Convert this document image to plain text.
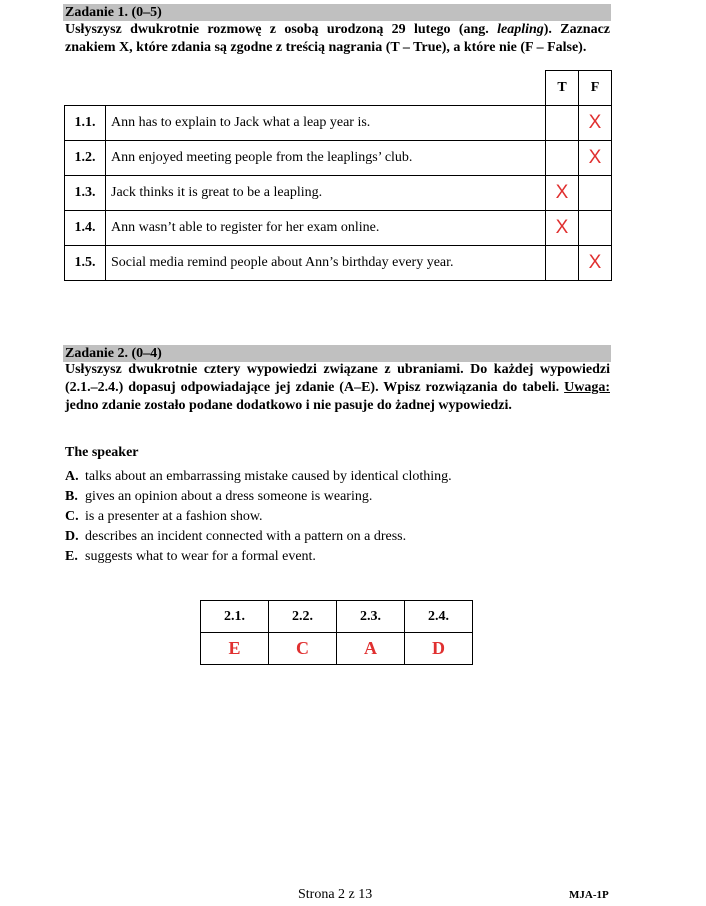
Zadanie 1. (0–5)
Usłyszysz dwukrotnie rozmowę z osobą urodzoną 29 lutego (ang. leapling). Zaznacz znakiem X, które zdania są zgodne z treścią nagrania (T – True), a które nie (F – False).
		T	F
1.1.	Ann has to explain to Jack what a leap year is.		X
1.2.	Ann enjoyed meeting people from the leaplings’ club.		X
1.3.	Jack thinks it is great to be a leapling.	X	
1.4.	Ann wasn’t able to register for her exam online.	X	
1.5.	Social media remind people about Ann’s birthday every year.		X
Zadanie 2. (0–4)
Usłyszysz dwukrotnie cztery wypowiedzi związane z ubraniami. Do każdej wypowiedzi (2.1.–2.4.) dopasuj odpowiadające jej zdanie (A–E). Wpisz rozwiązania do tabeli. Uwaga: jedno zdanie zostało podane dodatkowo i nie pasuje do żadnej wypowiedzi.
The speaker
A. talks about an embarrassing mistake caused by identical clothing.
B. gives an opinion about a dress someone is wearing.
C. is a presenter at a fashion show.
D. describes an incident connected with a pattern on a dress.
E. suggests what to wear for a formal event.
2.1.	2.2.	2.3.	2.4.
E	C	A	D
Strona 2 z 13	MJA-1P
